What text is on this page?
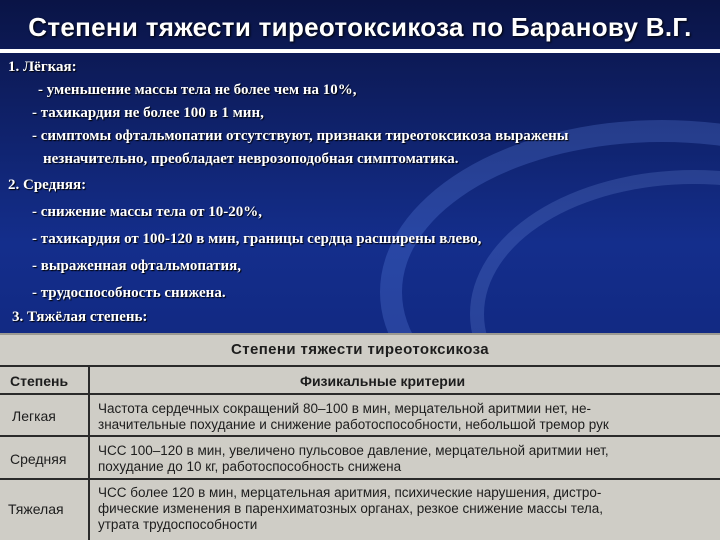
Степени тяжести тиреотоксикоза по Баранову В.Г.
1. Лёгкая:
- уменьшение массы тела не более чем на 10%,
- тахикардия не более 100 в 1 мин,
- симптомы офтальмопатии отсутствуют, признаки тиреотоксикоза выражены
незначительно, преобладает неврозоподобная симптоматика.
2. Средняя:
- снижение массы тела от 10-20%,
- тахикардия от 100-120 в мин, границы сердца расширены влево,
- выраженная офтальмопатия,
- трудоспособность снижена.
3. Тяжёлая степень:
Степени тяжести тиреотоксикоза
Степень	Физикальные критерии
Легкая	Частота сердечных сокращений 80–100 в мин, мерцательной аритмии нет, не-
значительные похудание и снижение работоспособности, небольшой тремор рук
Средняя
ЧСС 100–120 в мин, увеличено пульсовое давление, мерцательной аритмии нет,
похудание до 10 кг, работоспособность снижена
Тяжелая
ЧСС более 120 в мин, мерцательная аритмия, психические нарушения, дистро-
фические изменения в паренхиматозных органах, резкое снижение массы тела,
утрата трудоспособности
